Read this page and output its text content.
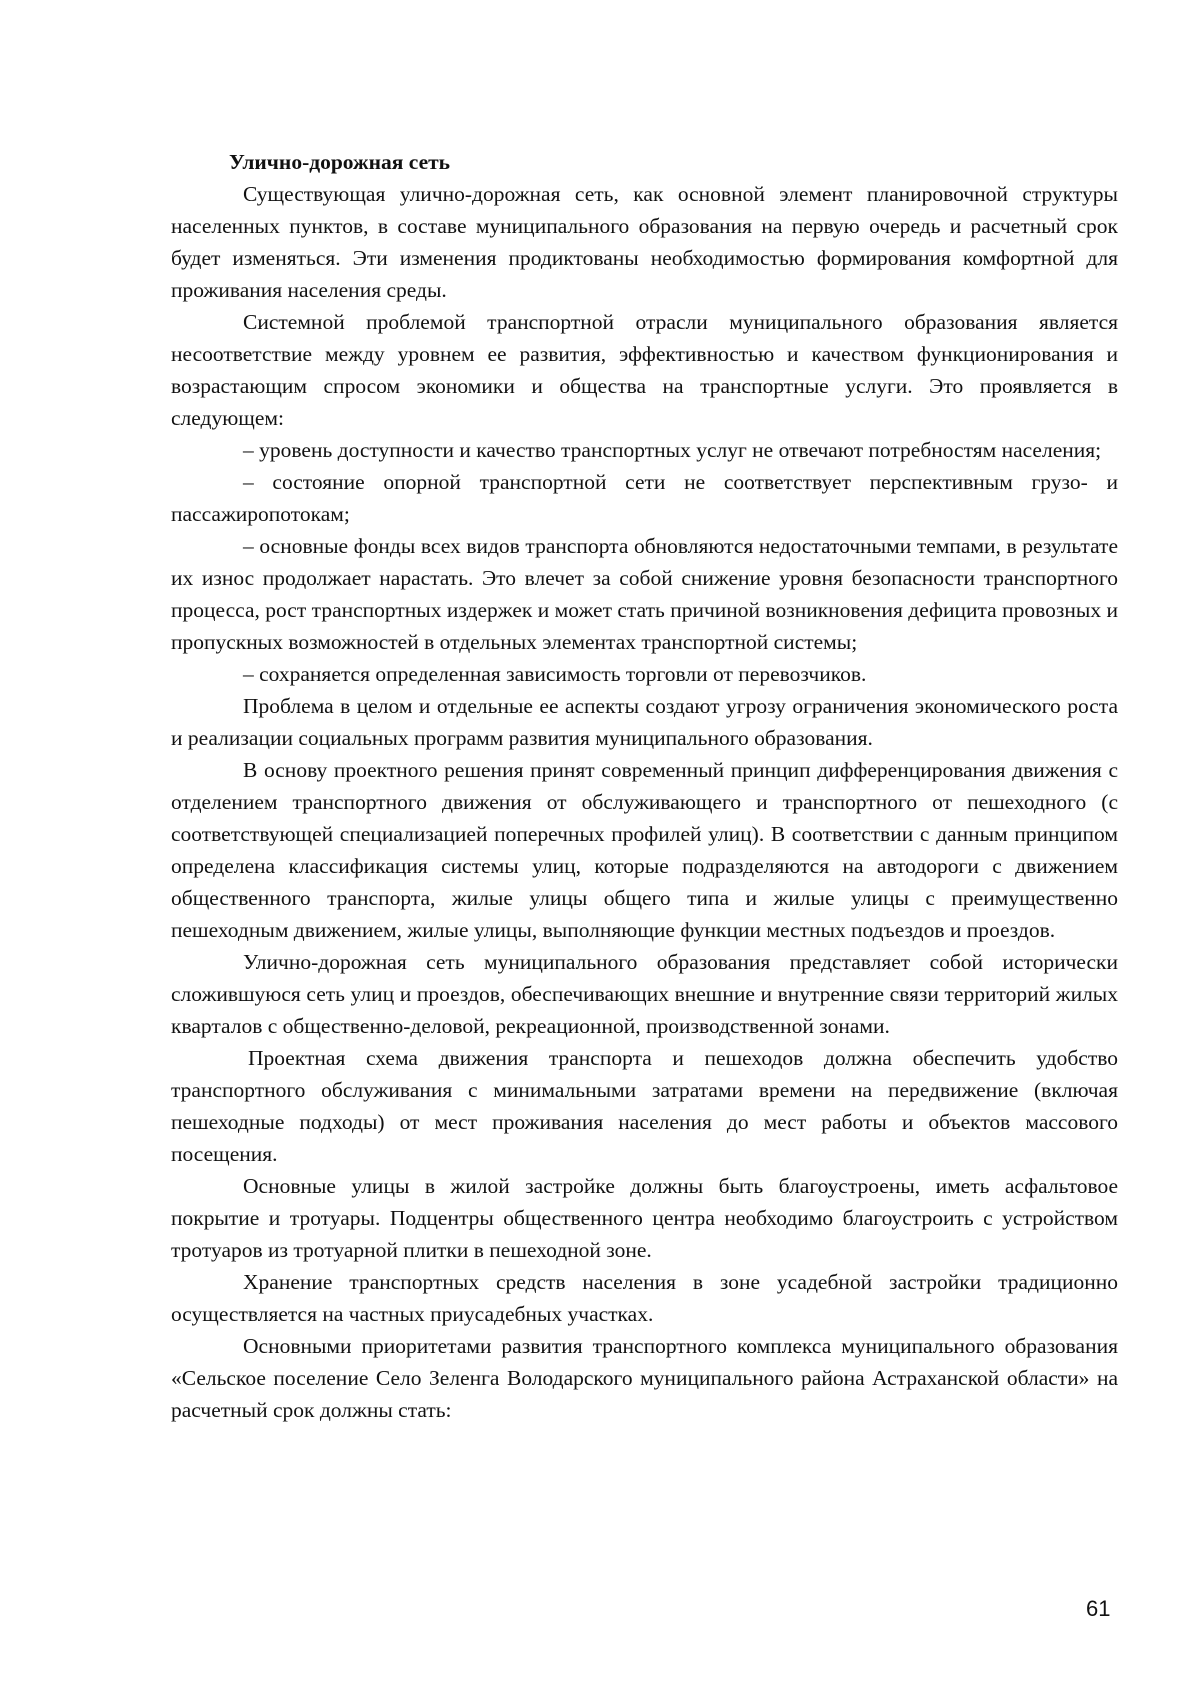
Улично-дорожная сеть

Существующая улично-дорожная сеть, как основной элемент планировочной структуры населенных пунктов, в составе муниципального образования на первую очередь и расчетный срок будет изменяться. Эти изменения продиктованы необходимостью формирования комфортной для проживания населения среды.

Системной проблемой транспортной отрасли муниципального образования является несоответствие между уровнем ее развития, эффективностью и качеством функционирования и возрастающим спросом экономики и общества на транспортные услуги. Это проявляется в следующем:

– уровень доступности и качество транспортных услуг не отвечают потребностям населения;

– состояние опорной транспортной сети не соответствует перспективным грузо- и пассажиропотокам;

– основные фонды всех видов транспорта обновляются недостаточными темпами, в результате их износ продолжает нарастать. Это влечет за собой снижение уровня безопасности транспортного процесса, рост транспортных издержек и может стать причиной возникновения дефицита провозных и пропускных возможностей в отдельных элементах транспортной системы;

– сохраняется определенная зависимость торговли от перевозчиков.

Проблема в целом и отдельные ее аспекты создают угрозу ограничения экономического роста и реализации социальных программ развития муниципального образования.

В основу проектного решения принят современный принцип дифференцирования движения с отделением транспортного движения от обслуживающего и транспортного от пешеходного (с соответствующей специализацией поперечных профилей улиц). В соответствии с данным принципом определена классификация системы улиц, которые подразделяются на автодороги с движением общественного транспорта, жилые улицы общего типа и жилые улицы с преимущественно пешеходным движением, жилые улицы, выполняющие функции местных подъездов и проездов.

Улично-дорожная сеть муниципального образования представляет собой исторически сложившуюся сеть улиц и проездов, обеспечивающих внешние и внутренние связи территорий жилых кварталов с общественно-деловой, рекреационной, производственной зонами.

Проектная схема движения транспорта и пешеходов должна обеспечить удобство транспортного обслуживания с минимальными затратами времени на передвижение (включая пешеходные подходы) от мест проживания населения до мест работы и объектов массового посещения.

Основные улицы в жилой застройке должны быть благоустроены, иметь асфальтовое покрытие и тротуары. Подцентры общественного центра необходимо благоустроить с устройством тротуаров из тротуарной плитки в пешеходной зоне.

Хранение транспортных средств населения в зоне усадебной застройки традиционно осуществляется на частных приусадебных участках.

Основными приоритетами развития транспортного комплекса муниципального образования «Сельское поселение Село Зеленга Володарского муниципального района Астраханской области» на расчетный срок должны стать:

61
